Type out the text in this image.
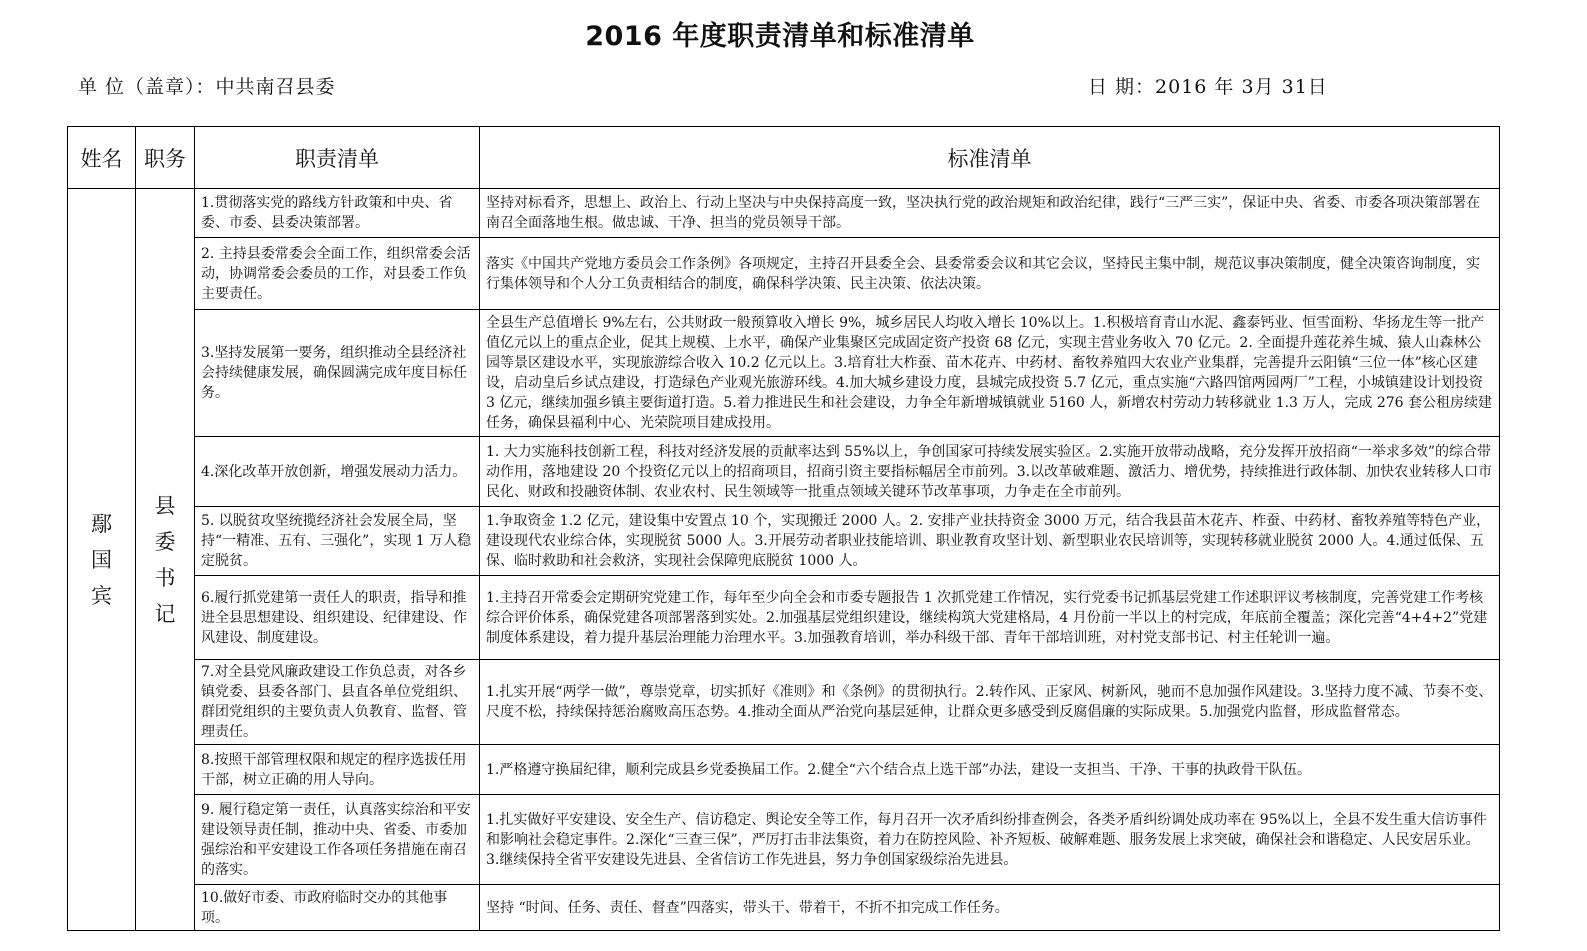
2016 年度职责清单和标准清单
单 位（盖章）：中共南召县委	日 期：2016 年 3月 31日
姓名	职务	职责清单	标准清单
鄢国宾	县委书记	1.贯彻落实党的路线方针政策和中央、省委、市委、县委决策部署。	坚持对标看齐，思想上、政治上、行动上坚决与中央保持高度一致，坚决执行党的政治规矩和政治纪律，践行“三严三实”，保证中央、省委、市委各项决策部署在南召全面落地生根。做忠诚、干净、担当的党员领导干部。
		2. 主持县委常委会全面工作，组织常委会活动，协调常委会委员的工作，对县委工作负主要责任。	落实《中国共产党地方委员会工作条例》各项规定，主持召开县委全会、县委常委会议和其它会议，坚持民主集中制，规范议事决策制度，健全决策咨询制度，实行集体领导和个人分工负责相结合的制度，确保科学决策、民主决策、依法决策。
		3.坚持发展第一要务，组织推动全县经济社会持续健康发展，确保圆满完成年度目标任务。	全县生产总值增长 9%左右，公共财政一般预算收入增长 9%，城乡居民人均收入增长 10%以上。1.积极培育青山水泥、鑫泰钙业、恒雪面粉、华扬龙生等一批产值亿元以上的重点企业，促其上规模、上水平，确保产业集聚区完成固定资产投资 68 亿元，实现主营业务收入 70 亿元。2. 全面提升莲花养生城、猿人山森林公园等景区建设水平，实现旅游综合收入 10.2 亿元以上。3.培育壮大柞蚕、苗木花卉、中药材、畜牧养殖四大农业产业集群，完善提升云阳镇“三位一体”核心区建设，启动皇后乡试点建设，打造绿色产业观光旅游环线。4.加大城乡建设力度，县城完成投资 5.7 亿元，重点实施“六路四馆两园两厂”工程，小城镇建设计划投资 3 亿元，继续加强乡镇主要街道打造。5.着力推进民生和社会建设，力争全年新增城镇就业 5160 人，新增农村劳动力转移就业 1.3 万人，完成 276 套公租房续建任务，确保县福利中心、光荣院项目建成投用。
		4.深化改革开放创新，增强发展动力活力。	1. 大力实施科技创新工程，科技对经济发展的贡献率达到 55%以上，争创国家可持续发展实验区。2.实施开放带动战略，充分发挥开放招商“一举求多效”的综合带动作用，落地建设 20 个投资亿元以上的招商项目，招商引资主要指标幅居全市前列。3.以改革破难题、激活力、增优势，持续推进行政体制、加快农业转移人口市民化、财政和投融资体制、农业农村、民生领域等一批重点领域关键环节改革事项，力争走在全市前列。
		5. 以脱贫攻坚统揽经济社会发展全局，坚持“一精准、五有、三强化”，实现 1 万人稳定脱贫。	1.争取资金 1.2 亿元，建设集中安置点 10 个，实现搬迁 2000 人。2. 安排产业扶持资金 3000 万元，结合我县苗木花卉、柞蚕、中药材、畜牧养殖等特色产业，建设现代农业综合体，实现脱贫 5000 人。3.开展劳动者职业技能培训、职业教育攻坚计划、新型职业农民培训等，实现转移就业脱贫 2000 人。4.通过低保、五保、临时救助和社会救济，实现社会保障兜底脱贫 1000 人。
		6.履行抓党建第一责任人的职责，指导和推进全县思想建设、组织建设、纪律建设、作风建设、制度建设。	1.主持召开常委会定期研究党建工作，每年至少向全会和市委专题报告 1 次抓党建工作情况，实行党委书记抓基层党建工作述职评议考核制度，完善党建工作考核综合评价体系，确保党建各项部署落到实处。2.加强基层党组织建设，继续构筑大党建格局，4 月份前一半以上的村完成，年底前全覆盖；深化完善“4+4+2”党建制度体系建设，着力提升基层治理能力治理水平。3.加强教育培训，举办科级干部、青年干部培训班，对村党支部书记、村主任轮训一遍。
		7.对全县党风廉政建设工作负总责，对各乡镇党委、县委各部门、县直各单位党组织、群团党组织的主要负责人负教育、监督、管理责任。	1.扎实开展“两学一做”，尊崇党章，切实抓好《准则》和《条例》的贯彻执行。2.转作风、正家风、树新风，驰而不息加强作风建设。3.坚持力度不减、节奏不变、尺度不松，持续保持惩治腐败高压态势。4.推动全面从严治党向基层延伸，让群众更多感受到反腐倡廉的实际成果。5.加强党内监督，形成监督常态。
		8.按照干部管理权限和规定的程序选拔任用干部，树立正确的用人导向。	1.严格遵守换届纪律，顺利完成县乡党委换届工作。2.健全“六个结合点上选干部”办法，建设一支担当、干净、干事的执政骨干队伍。
		9. 履行稳定第一责任，认真落实综治和平安建设领导责任制，推动中央、省委、市委加强综治和平安建设工作各项任务措施在南召的落实。	1.扎实做好平安建设、安全生产、信访稳定、舆论安全等工作，每月召开一次矛盾纠纷排查例会，各类矛盾纠纷调处成功率在 95%以上，全县不发生重大信访事件和影响社会稳定事件。2.深化“三查三保”，严厉打击非法集资，着力在防控风险、补齐短板、破解难题、服务发展上求突破，确保社会和谐稳定、人民安居乐业。3.继续保持全省平安建设先进县、全省信访工作先进县，努力争创国家级综治先进县。
		10.做好市委、市政府临时交办的其他事项。	坚持 “时间、任务、责任、督查”四落实，带头干、带着干，不折不扣完成工作任务。
